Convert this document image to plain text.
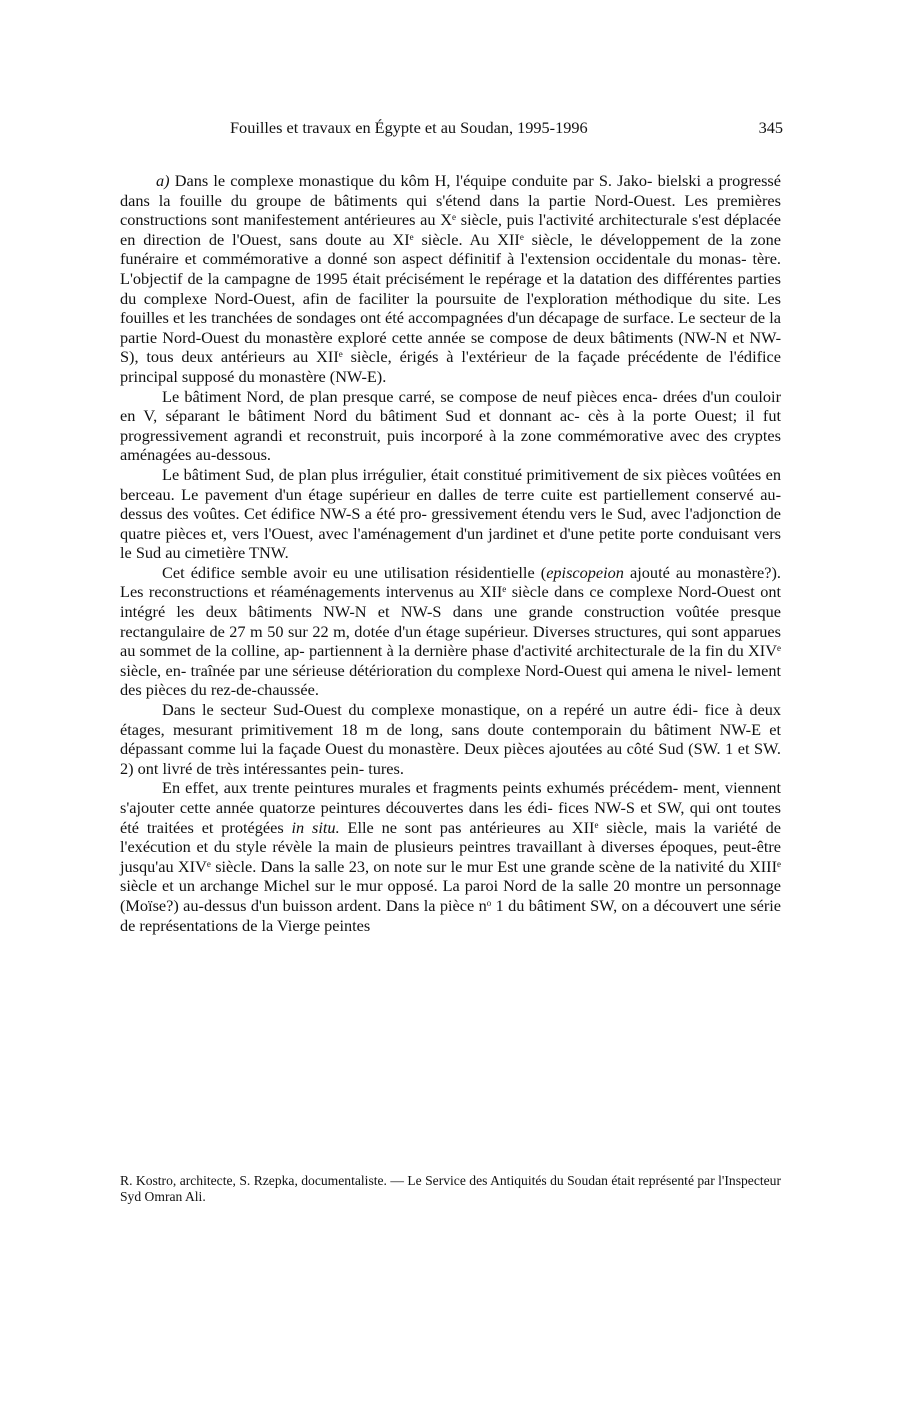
Fouilles et travaux en Égypte et au Soudan, 1995-1996	345

a) Dans le complexe monastique du kôm H, l'équipe conduite par S. Jako- bielski a progressé dans la fouille du groupe de bâtiments qui s'étend dans la partie Nord-Ouest. Les premières constructions sont manifestement antérieures au Xe siècle, puis l'activité architecturale s'est déplacée en direction de l'Ouest, sans doute au XIe siècle. Au XIIe siècle, le développement de la zone funéraire et commémorative a donné son aspect définitif à l'extension occidentale du monas- tère. L'objectif de la campagne de 1995 était précisément le repérage et la datation des différentes parties du complexe Nord-Ouest, afin de faciliter la poursuite de l'exploration méthodique du site. Les fouilles et les tranchées de sondages ont été accompagnées d'un décapage de surface. Le secteur de la partie Nord-Ouest du monastère exploré cette année se compose de deux bâtiments (NW-N et NW-S), tous deux antérieurs au XIIe siècle, érigés à l'extérieur de la façade précédente de l'édifice principal supposé du monastère (NW-E).

Le bâtiment Nord, de plan presque carré, se compose de neuf pièces enca- drées d'un couloir en V, séparant le bâtiment Nord du bâtiment Sud et donnant ac- cès à la porte Ouest; il fut progressivement agrandi et reconstruit, puis incorporé à la zone commémorative avec des cryptes aménagées au-dessous.

Le bâtiment Sud, de plan plus irrégulier, était constitué primitivement de six pièces voûtées en berceau. Le pavement d'un étage supérieur en dalles de terre cuite est partiellement conservé au-dessus des voûtes. Cet édifice NW-S a été pro- gressivement étendu vers le Sud, avec l'adjonction de quatre pièces et, vers l'Ouest, avec l'aménagement d'un jardinet et d'une petite porte conduisant vers le Sud au cimetière TNW.

Cet édifice semble avoir eu une utilisation résidentielle (episcopeion ajouté au monastère?). Les reconstructions et réaménagements intervenus au XIIe siècle dans ce complexe Nord-Ouest ont intégré les deux bâtiments NW-N et NW-S dans une grande construction voûtée presque rectangulaire de 27 m 50 sur 22 m, dotée d'un étage supérieur. Diverses structures, qui sont apparues au sommet de la colline, ap- partiennent à la dernière phase d'activité architecturale de la fin du XIVe siècle, en- traînée par une sérieuse détérioration du complexe Nord-Ouest qui amena le nivel- lement des pièces du rez-de-chaussée.

Dans le secteur Sud-Ouest du complexe monastique, on a repéré un autre édi- fice à deux étages, mesurant primitivement 18 m de long, sans doute contemporain du bâtiment NW-E et dépassant comme lui la façade Ouest du monastère. Deux pièces ajoutées au côté Sud (SW. 1 et SW. 2) ont livré de très intéressantes pein- tures.

En effet, aux trente peintures murales et fragments peints exhumés précédem- ment, viennent s'ajouter cette année quatorze peintures découvertes dans les édi- fices NW-S et SW, qui ont toutes été traitées et protégées in situ. Elle ne sont pas antérieures au XIIe siècle, mais la variété de l'exécution et du style révèle la main de plusieurs peintres travaillant à diverses époques, peut-être jusqu'au XIVe siècle. Dans la salle 23, on note sur le mur Est une grande scène de la nativité du XIIIe siècle et un archange Michel sur le mur opposé. La paroi Nord de la salle 20 montre un personnage (Moïse?) au-dessus d'un buisson ardent. Dans la pièce $n^o$ 1 du bâtiment SW, on a découvert une série de représentations de la Vierge peintes

R. Kostro, architecte, S. Rzepka, documentaliste. — Le Service des Antiquités du Soudan était représenté par l'Inspecteur Syd Omran Ali.
